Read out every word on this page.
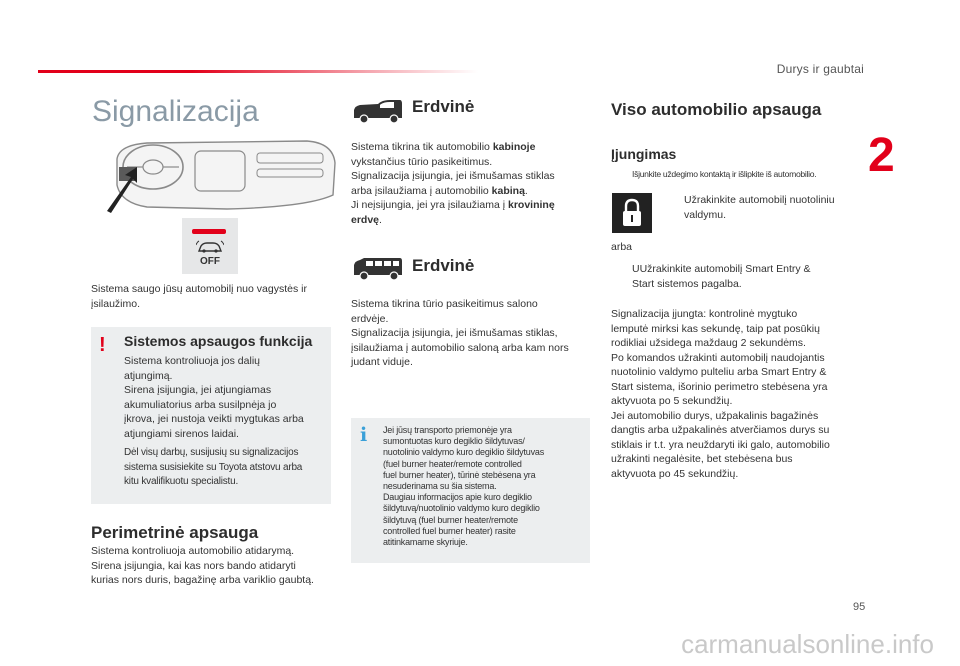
Durys ir gaubtai
2
95
Signalizacija
OFF
Sistema saugo jūsų automobilį nuo vagystės ir įsilaužimo.
!	Sistemos apsaugos funkcija
Sistema kontroliuoja jos dalių
atjungimą.
Sirena įsijungia, jei atjungiamas
akumuliatorius arba susilpnėja jo
įkrova, jei nustoja veikti mygtukas arba
atjungiami sirenos laidai.
Dėl visų darbų, susijusių su signalizacijos
sistema susisiekite su Toyota atstovu arba
kitu kvalifikuotu specialistu.
Perimetrinė apsauga
Sistema kontroliuoja automobilio atidarymą.
Sirena įsijungia, kai kas nors bando atidaryti
kurias nors duris, bagažinę arba variklio gaubtą.
Erdvinė
Sistema tikrina tik automobilio kabinoje
vykstančius tūrio pasikeitimus.
Signalizacija įsijungia, jei išmušamas stiklas
arba įsilaužiama į automobilio kabiną.
Ji neįsijungia, jei yra įsilaužiama į krovininę
erdvę.
Erdvinė
Sistema tikrina tūrio pasikeitimus salono
erdvėje.
Signalizacija įsijungia, jei išmušamas stiklas,
įsilaužiama į automobilio saloną arba kam nors
judant viduje.
i Jei jūsų transporto priemonėje yra
sumontuotas kuro degiklio šildytuvas/
nuotolinio valdymo kuro degiklio šildytuvas
(fuel burner heater/remote controlled
fuel burner heater), tūrinė stebėsena yra
nesuderinama su šia sistema.
Daugiau informacijos apie kuro degiklio
šildytuvą/nuotolinio valdymo kuro degiklio
šildytuvą (fuel burner heater/remote
controlled fuel burner heater) rasite
atitinkamame skyriuje.
Viso automobilio apsauga
Įjungimas
Išjunkite uždegimo kontaktą ir išlipkite iš automobilio.
Užrakinkite automobilį nuotoliniu
valdymu.
arba
UUžrakinkite automobilį Smart Entry &
Start sistemos pagalba.
Signalizacija įjungta: kontrolinė mygtuko
lemputė mirksi kas sekundę, taip pat posūkių
rodikliai užsidega maždaug 2 sekundėms.
Po komandos užrakinti automobilį naudojantis
nuotolinio valdymo pulteliu arba Smart Entry &
Start sistema, išorinio perimetro stebėsena yra
aktyvuota po 5 sekundžių.
Jei automobilio durys, užpakalinis bagažinės
dangtis arba užpakalinės atverčiamos durys su
stiklais ir t.t. yra neuždaryti iki galo, automobilio
užrakinti negalėsite, bet stebėsena bus
aktyvuota po 45 sekundžių.
carmanualsonline.info
